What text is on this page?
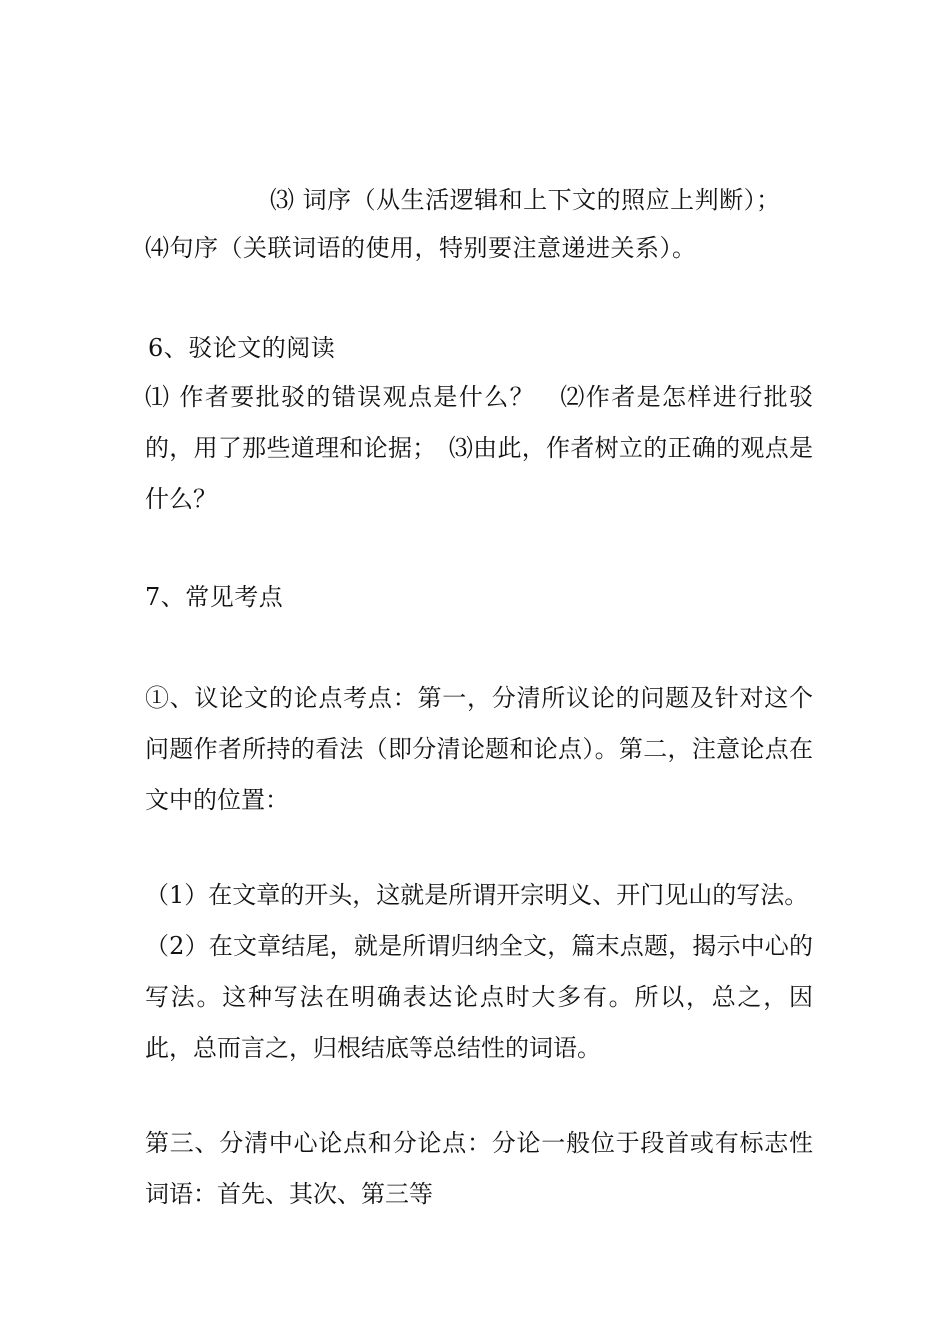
⑶ 词序（从生活逻辑和上下文的照应上判断）；
⑷句序（关联词语的使用，特别要注意递进关系）。
6、驳论文的阅读
⑴ 作者要批驳的错误观点是什么？　⑵作者是怎样进行批驳的，用了那些道理和论据；　⑶由此，作者树立的正确的观点是什么？
7、常见考点
①、议论文的论点考点：第一，分清所议论的问题及针对这个问题作者所持的看法（即分清论题和论点）。第二，注意论点在文中的位置：
（1）在文章的开头，这就是所谓开宗明义、开门见山的写法。
（2）在文章结尾，就是所谓归纳全文，篇末点题，揭示中心的写法。这种写法在明确表达论点时大多有。所以，总之，因此，总而言之，归根结底等总结性的词语。
第三、分清中心论点和分论点：分论一般位于段首或有标志性词语：首先、其次、第三等
